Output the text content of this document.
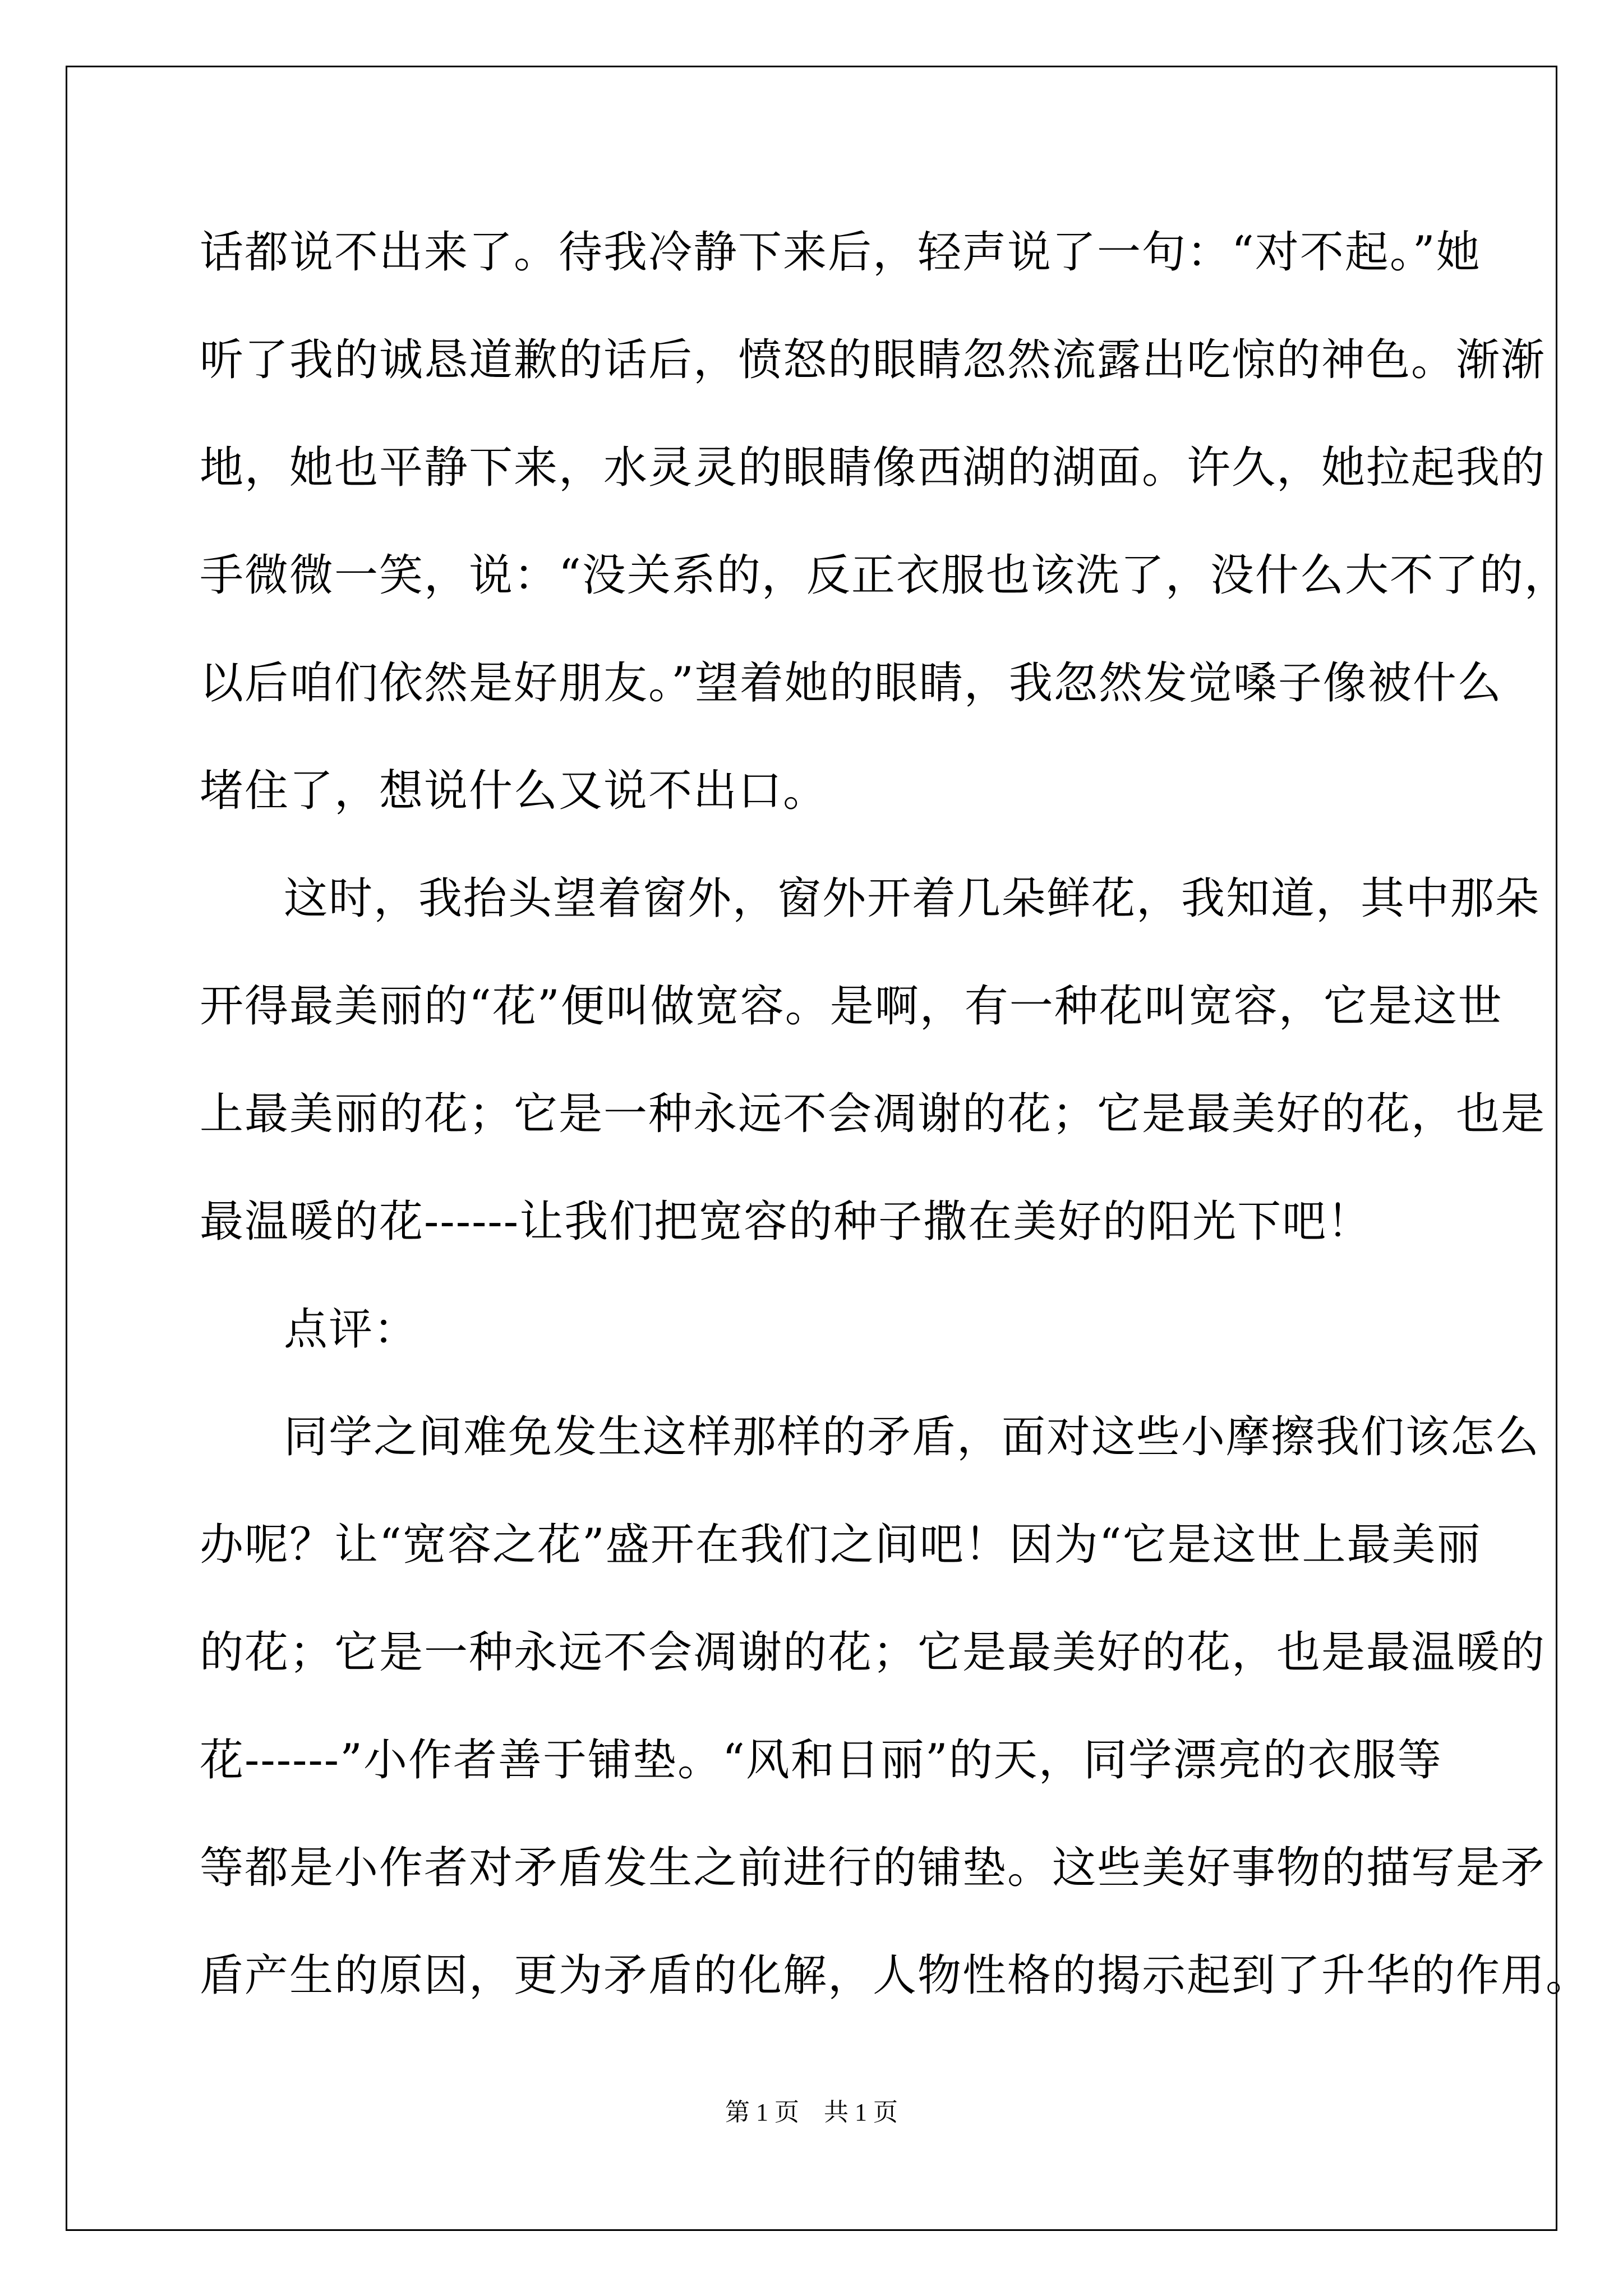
话都说不出来了。待我冷静下来后，轻声说了一句：“对不起。”她
听了我的诚恳道歉的话后，愤怒的眼睛忽然流露出吃惊的神色。渐渐
地，她也平静下来，水灵灵的眼睛像西湖的湖面。许久，她拉起我的
手微微一笑，说：“没关系的，反正衣服也该洗了，没什么大不了的，
以后咱们依然是好朋友。”望着她的眼睛，我忽然发觉嗓子像被什么
堵住了，想说什么又说不出口。
这时，我抬头望着窗外，窗外开着几朵鲜花，我知道，其中那朵
开得最美丽的“花”便叫做宽容。是啊，有一种花叫宽容，它是这世
上最美丽的花；它是一种永远不会凋谢的花；它是最美好的花，也是
最温暖的花------让我们把宽容的种子撒在美好的阳光下吧！
点评：
同学之间难免发生这样那样的矛盾，面对这些小摩擦我们该怎么
办呢？让“宽容之花”盛开在我们之间吧！因为“它是这世上最美丽
的花；它是一种永远不会凋谢的花；它是最美好的花，也是最温暖的
花------”小作者善于铺垫。“风和日丽”的天，同学漂亮的衣服等
等都是小作者对矛盾发生之前进行的铺垫。这些美好事物的描写是矛
盾产生的原因，更为矛盾的化解，人物性格的揭示起到了升华的作用。
第 1 页　共 1 页
